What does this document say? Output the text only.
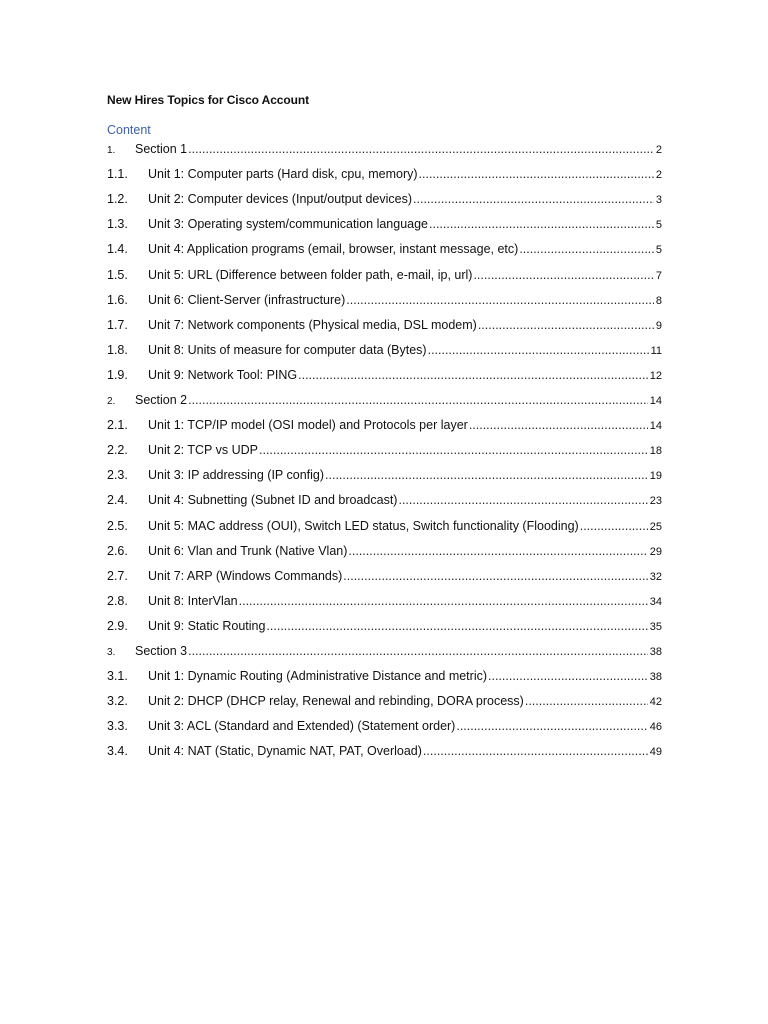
New Hires Topics for Cisco Account
Content
1.	Section 1 .....	2
1.1.	Unit 1: Computer parts (Hard disk, cpu, memory) .....	2
1.2.	Unit 2: Computer devices (Input/output devices) .....	3
1.3.	Unit 3: Operating system/communication language .....	5
1.4.	Unit 4: Application programs (email, browser, instant message, etc) .....	5
1.5.	Unit 5: URL (Difference between folder path, e-mail, ip, url) .....	7
1.6.	Unit 6: Client-Server (infrastructure) .....	8
1.7.	Unit 7: Network components (Physical media, DSL modem) .....	9
1.8.	Unit 8: Units of measure for computer data (Bytes) .....	11
1.9.	Unit 9: Network Tool: PING .....	12
2.	Section 2 .....	14
2.1.	Unit 1: TCP/IP model (OSI model) and Protocols per layer .....	14
2.2.	Unit 2: TCP vs UDP .....	18
2.3.	Unit 3: IP addressing (IP config) .....	19
2.4.	Unit 4: Subnetting (Subnet ID and broadcast) .....	23
2.5.	Unit 5: MAC address (OUI), Switch LED status, Switch functionality (Flooding) .....	25
2.6.	Unit 6: Vlan and Trunk (Native Vlan) .....	29
2.7.	Unit 7: ARP (Windows Commands) .....	32
2.8.	Unit 8: InterVlan .....	34
2.9.	Unit 9: Static Routing .....	35
3.	Section 3 .....	38
3.1.	Unit 1: Dynamic Routing (Administrative Distance and metric) .....	38
3.2.	Unit 2: DHCP (DHCP relay, Renewal and rebinding, DORA process) .....	42
3.3.	Unit 3: ACL (Standard and Extended) (Statement order) .....	46
3.4.	Unit 4: NAT (Static, Dynamic NAT, PAT, Overload) .....	49
